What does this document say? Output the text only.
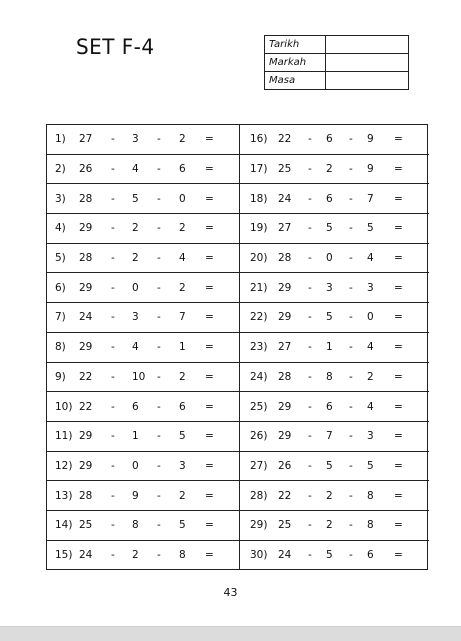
SET F-4	Tarikh	
Markah	
Masa	
1) 27 - 3 - 2 =
2) 26 - 4 - 6 =
3) 28 - 5 - 0 =
4) 29 - 2 - 2 =
5) 28 - 2 - 4 =
6) 29 - 0 - 2 =
7) 24 - 3 - 7 =
8) 29 - 4 - 1 =
9) 22 - 10 - 2 =
10) 22 - 6 - 6 =
11) 29 - 1 - 5 =
12) 29 - 0 - 3 =
13) 28 - 9 - 2 =
14) 25 - 8 - 5 =
15) 24 - 2 - 8 =
16) 22 - 6 - 9 =
17) 25 - 2 - 9 =
18) 24 - 6 - 7 =
19) 27 - 5 - 5 =
20) 28 - 0 - 4 =
21) 29 - 3 - 3 =
22) 29 - 5 - 0 =
23) 27 - 1 - 4 =
24) 28 - 8 - 2 =
25) 29 - 6 - 4 =
26) 29 - 7 - 3 =
27) 26 - 5 - 5 =
28) 22 - 2 - 8 =
29) 25 - 2 - 8 =
30) 24 - 5 - 6 =
43
